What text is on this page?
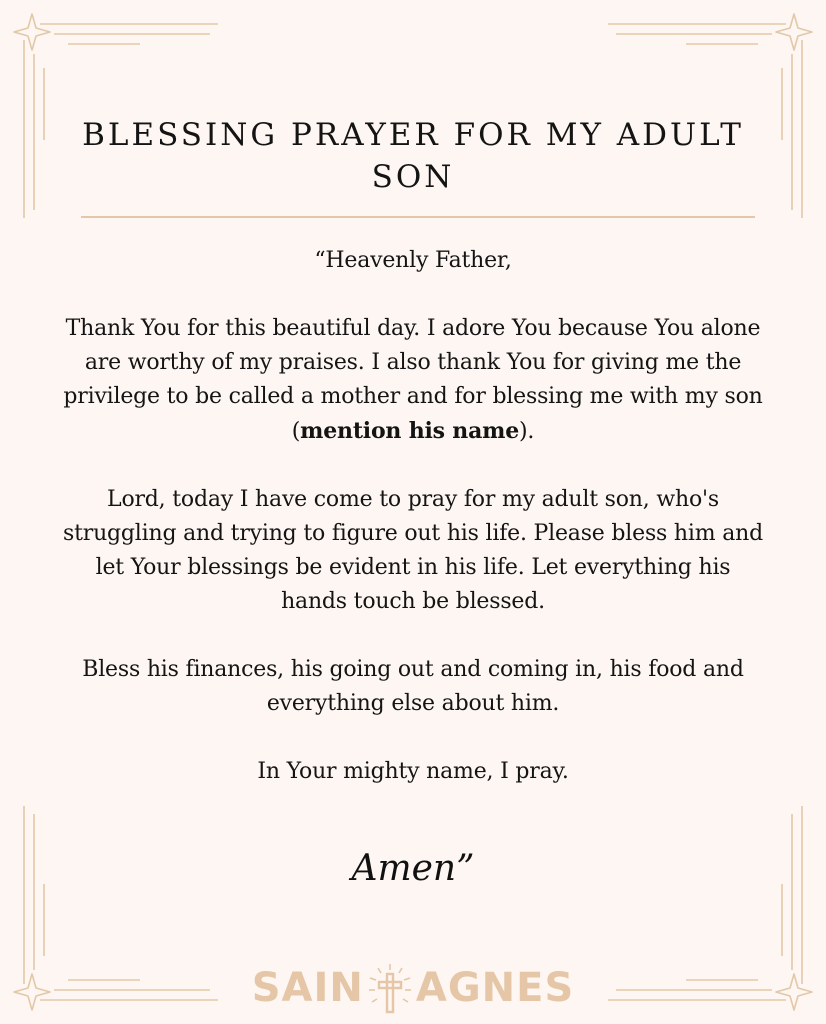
BLESSING PRAYER FOR MY ADULT SON

“Heavenly Father,

Thank You for this beautiful day. I adore You because You alone are worthy of my praises. I also thank You for giving me the privilege to be called a mother and for blessing me with my son (mention his name).

Lord, today I have come to pray for my adult son, who's struggling and trying to figure out his life. Please bless him and let Your blessings be evident in his life. Let everything his hands touch be blessed.

Bless his finances, his going out and coming in, his food and everything else about him.

In Your mighty name, I pray.

Amen”
SAIN AGNES
